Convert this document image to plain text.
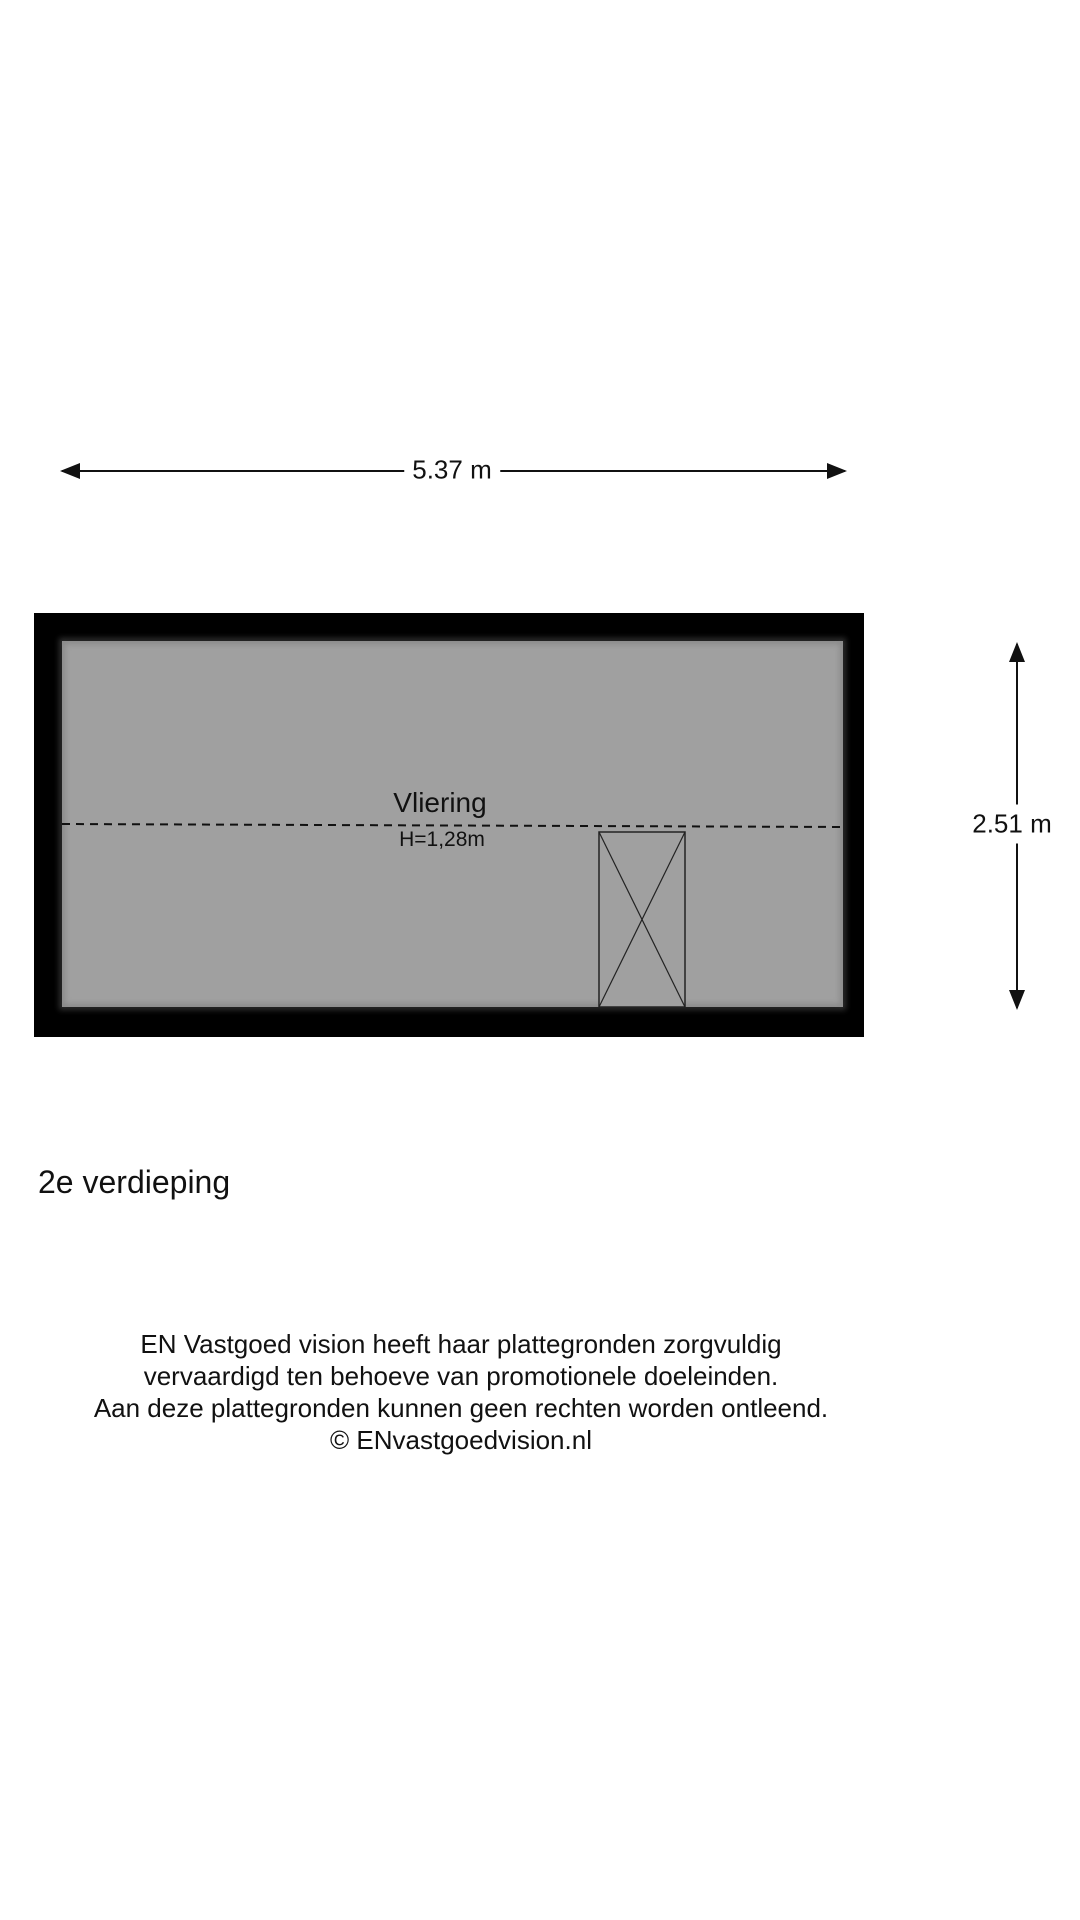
5.37 m
2.51 m
Vliering
H=1,28m
2e verdieping
EN Vastgoed vision heeft haar plattegronden zorgvuldig
vervaardigd ten behoeve van promotionele doeleinden.
Aan deze plattegronden kunnen geen rechten worden ontleend.
© ENvastgoedvision.nl
